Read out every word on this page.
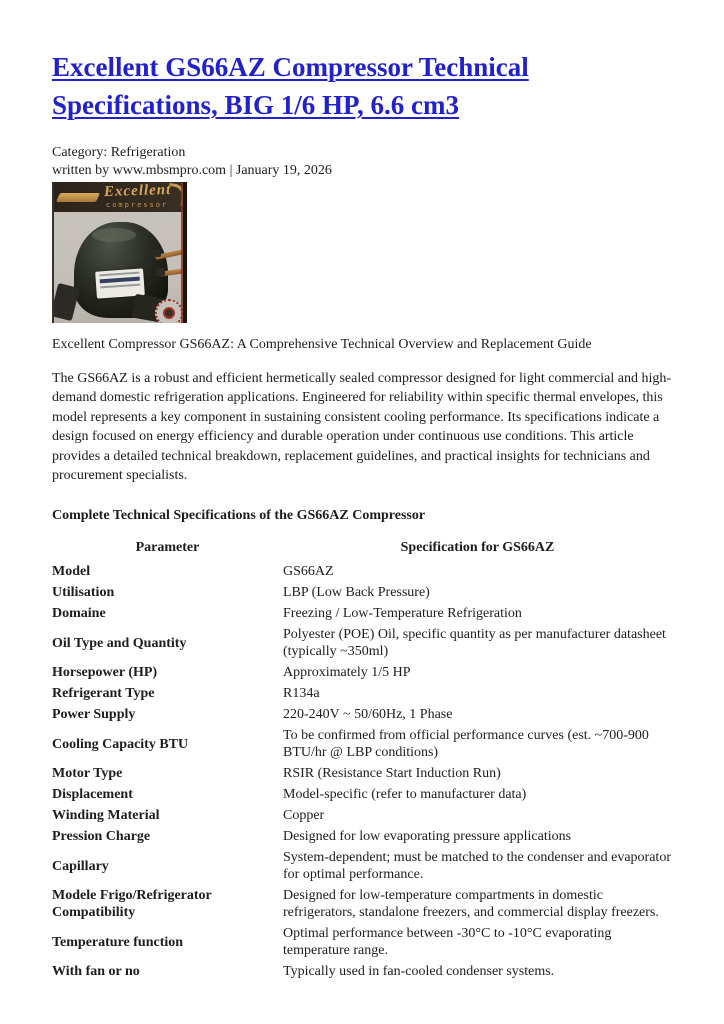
Excellent GS66AZ Compressor Technical Specifications, BIG 1/6 HP, 6.6 cm3
Category: Refrigeration
written by www.mbsmpro.com | January 19, 2026
Excellent
compressor

Excellent Compressor GS66AZ: A Comprehensive Technical Overview and Replacement Guide

The GS66AZ is a robust and efficient hermetically sealed compressor designed for light commercial and high-demand domestic refrigeration applications. Engineered for reliability within specific thermal envelopes, this model represents a key component in sustaining consistent cooling performance. Its specifications indicate a design focused on energy efficiency and durable operation under continuous use conditions. This article provides a detailed technical breakdown, replacement guidelines, and practical insights for technicians and procurement specialists.

Complete Technical Specifications of the GS66AZ Compressor

Parameter	Specification for GS66AZ
Model	GS66AZ
Utilisation	LBP (Low Back Pressure)
Domaine	Freezing / Low-Temperature Refrigeration
Oil Type and Quantity	Polyester (POE) Oil, specific quantity as per manufacturer datasheet (typically ~350ml)
Horsepower (HP)	Approximately 1/5 HP
Refrigerant Type	R134a
Power Supply	220-240V ~ 50/60Hz, 1 Phase
Cooling Capacity BTU	To be confirmed from official performance curves (est. ~700-900 BTU/hr @ LBP conditions)
Motor Type	RSIR (Resistance Start Induction Run)
Displacement	Model-specific (refer to manufacturer data)
Winding Material	Copper
Pression Charge	Designed for low evaporating pressure applications
Capillary	System-dependent; must be matched to the condenser and evaporator for optimal performance.
Modele Frigo/Refrigerator Compatibility	Designed for low-temperature compartments in domestic refrigerators, standalone freezers, and commercial display freezers.
Temperature function	Optimal performance between -30°C to -10°C evaporating temperature range.
With fan or no	Typically used in fan-cooled condenser systems.
